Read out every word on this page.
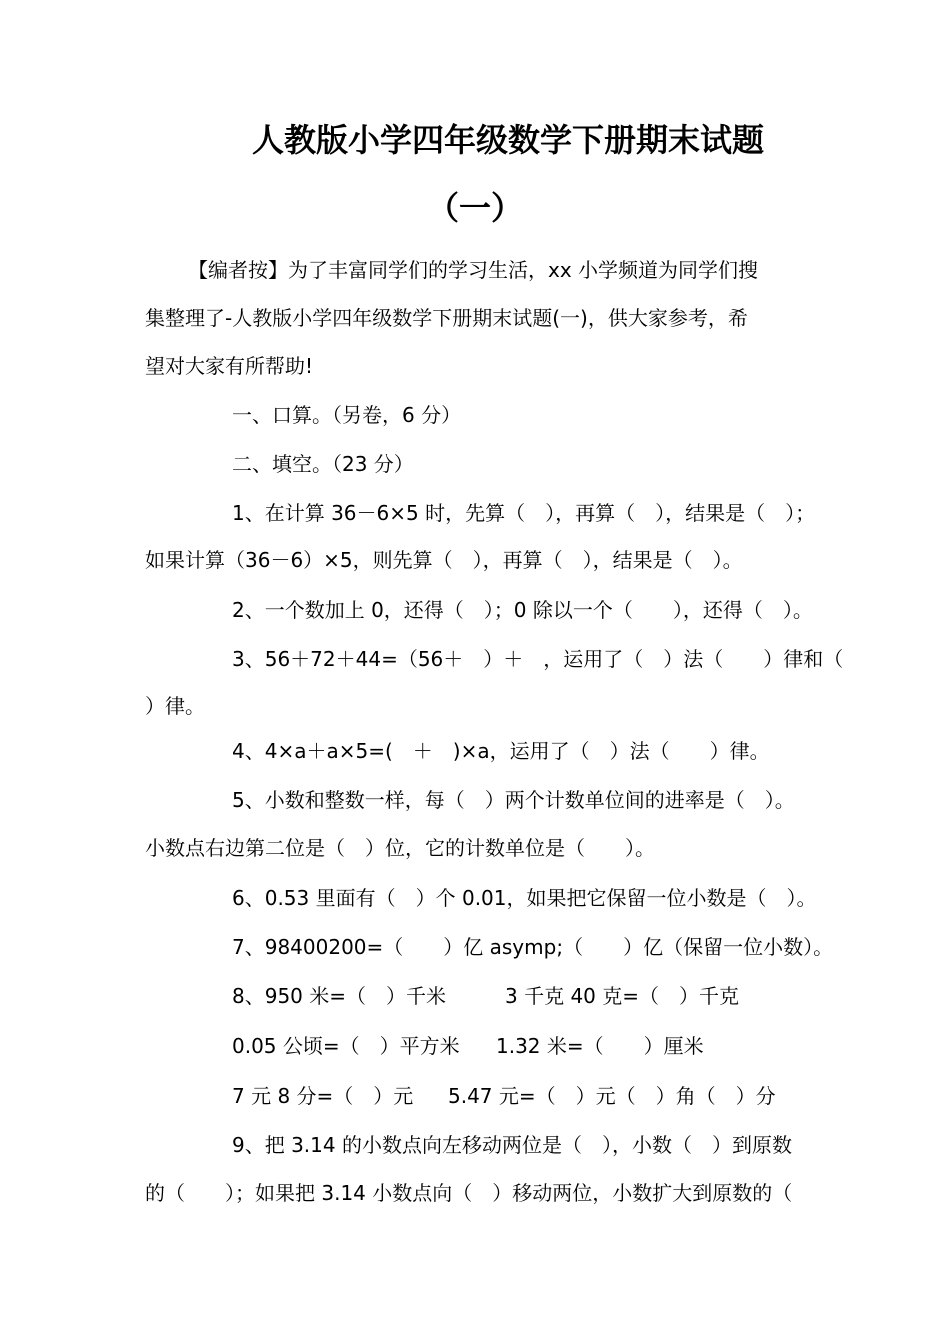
人教版小学四年级数学下册期末试题
（一）
【编者按】为了丰富同学们的学习生活，xx 小学频道为同学们搜
集整理了-人教版小学四年级数学下册期末试题(一)，供大家参考，希
望对大家有所帮助!
一、口算。（另卷，6 分）
二、填空。（23 分）
1、在计算 36－6×5 时，先算（　），再算（　），结果是（　）；
如果计算（36－6）×5，则先算（　），再算（　），结果是（　）。
2、一个数加上 0，还得（　）；0 除以一个（　　），还得（　）。
3、56＋72＋44=（56＋　）＋　，运用了（　）法（　　）律和（
）律。
4、4×a＋a×5=(　＋　)×a，运用了（　）法（　　）律。
5、小数和整数一样，每（　）两个计数单位间的进率是（　）。
小数点右边第二位是（　）位，它的计数单位是（　　）。
6、0.53 里面有（　）个 0.01，如果把它保留一位小数是（　）。
7、98400200=（　　）亿 asymp;（　　）亿（保留一位小数）。
8、950 米=（　）千米	3 千克 40 克=（　）千克
0.05 公顷=（　）平方米 1.32 米=（　　）厘米
7 元 8 分=（　）元 5.47 元=（　）元（　）角（　）分
9、把 3.14 的小数点向左移动两位是（　），小数（　）到原数
的（　　）；如果把 3.14 小数点向（　）移动两位，小数扩大到原数的（
